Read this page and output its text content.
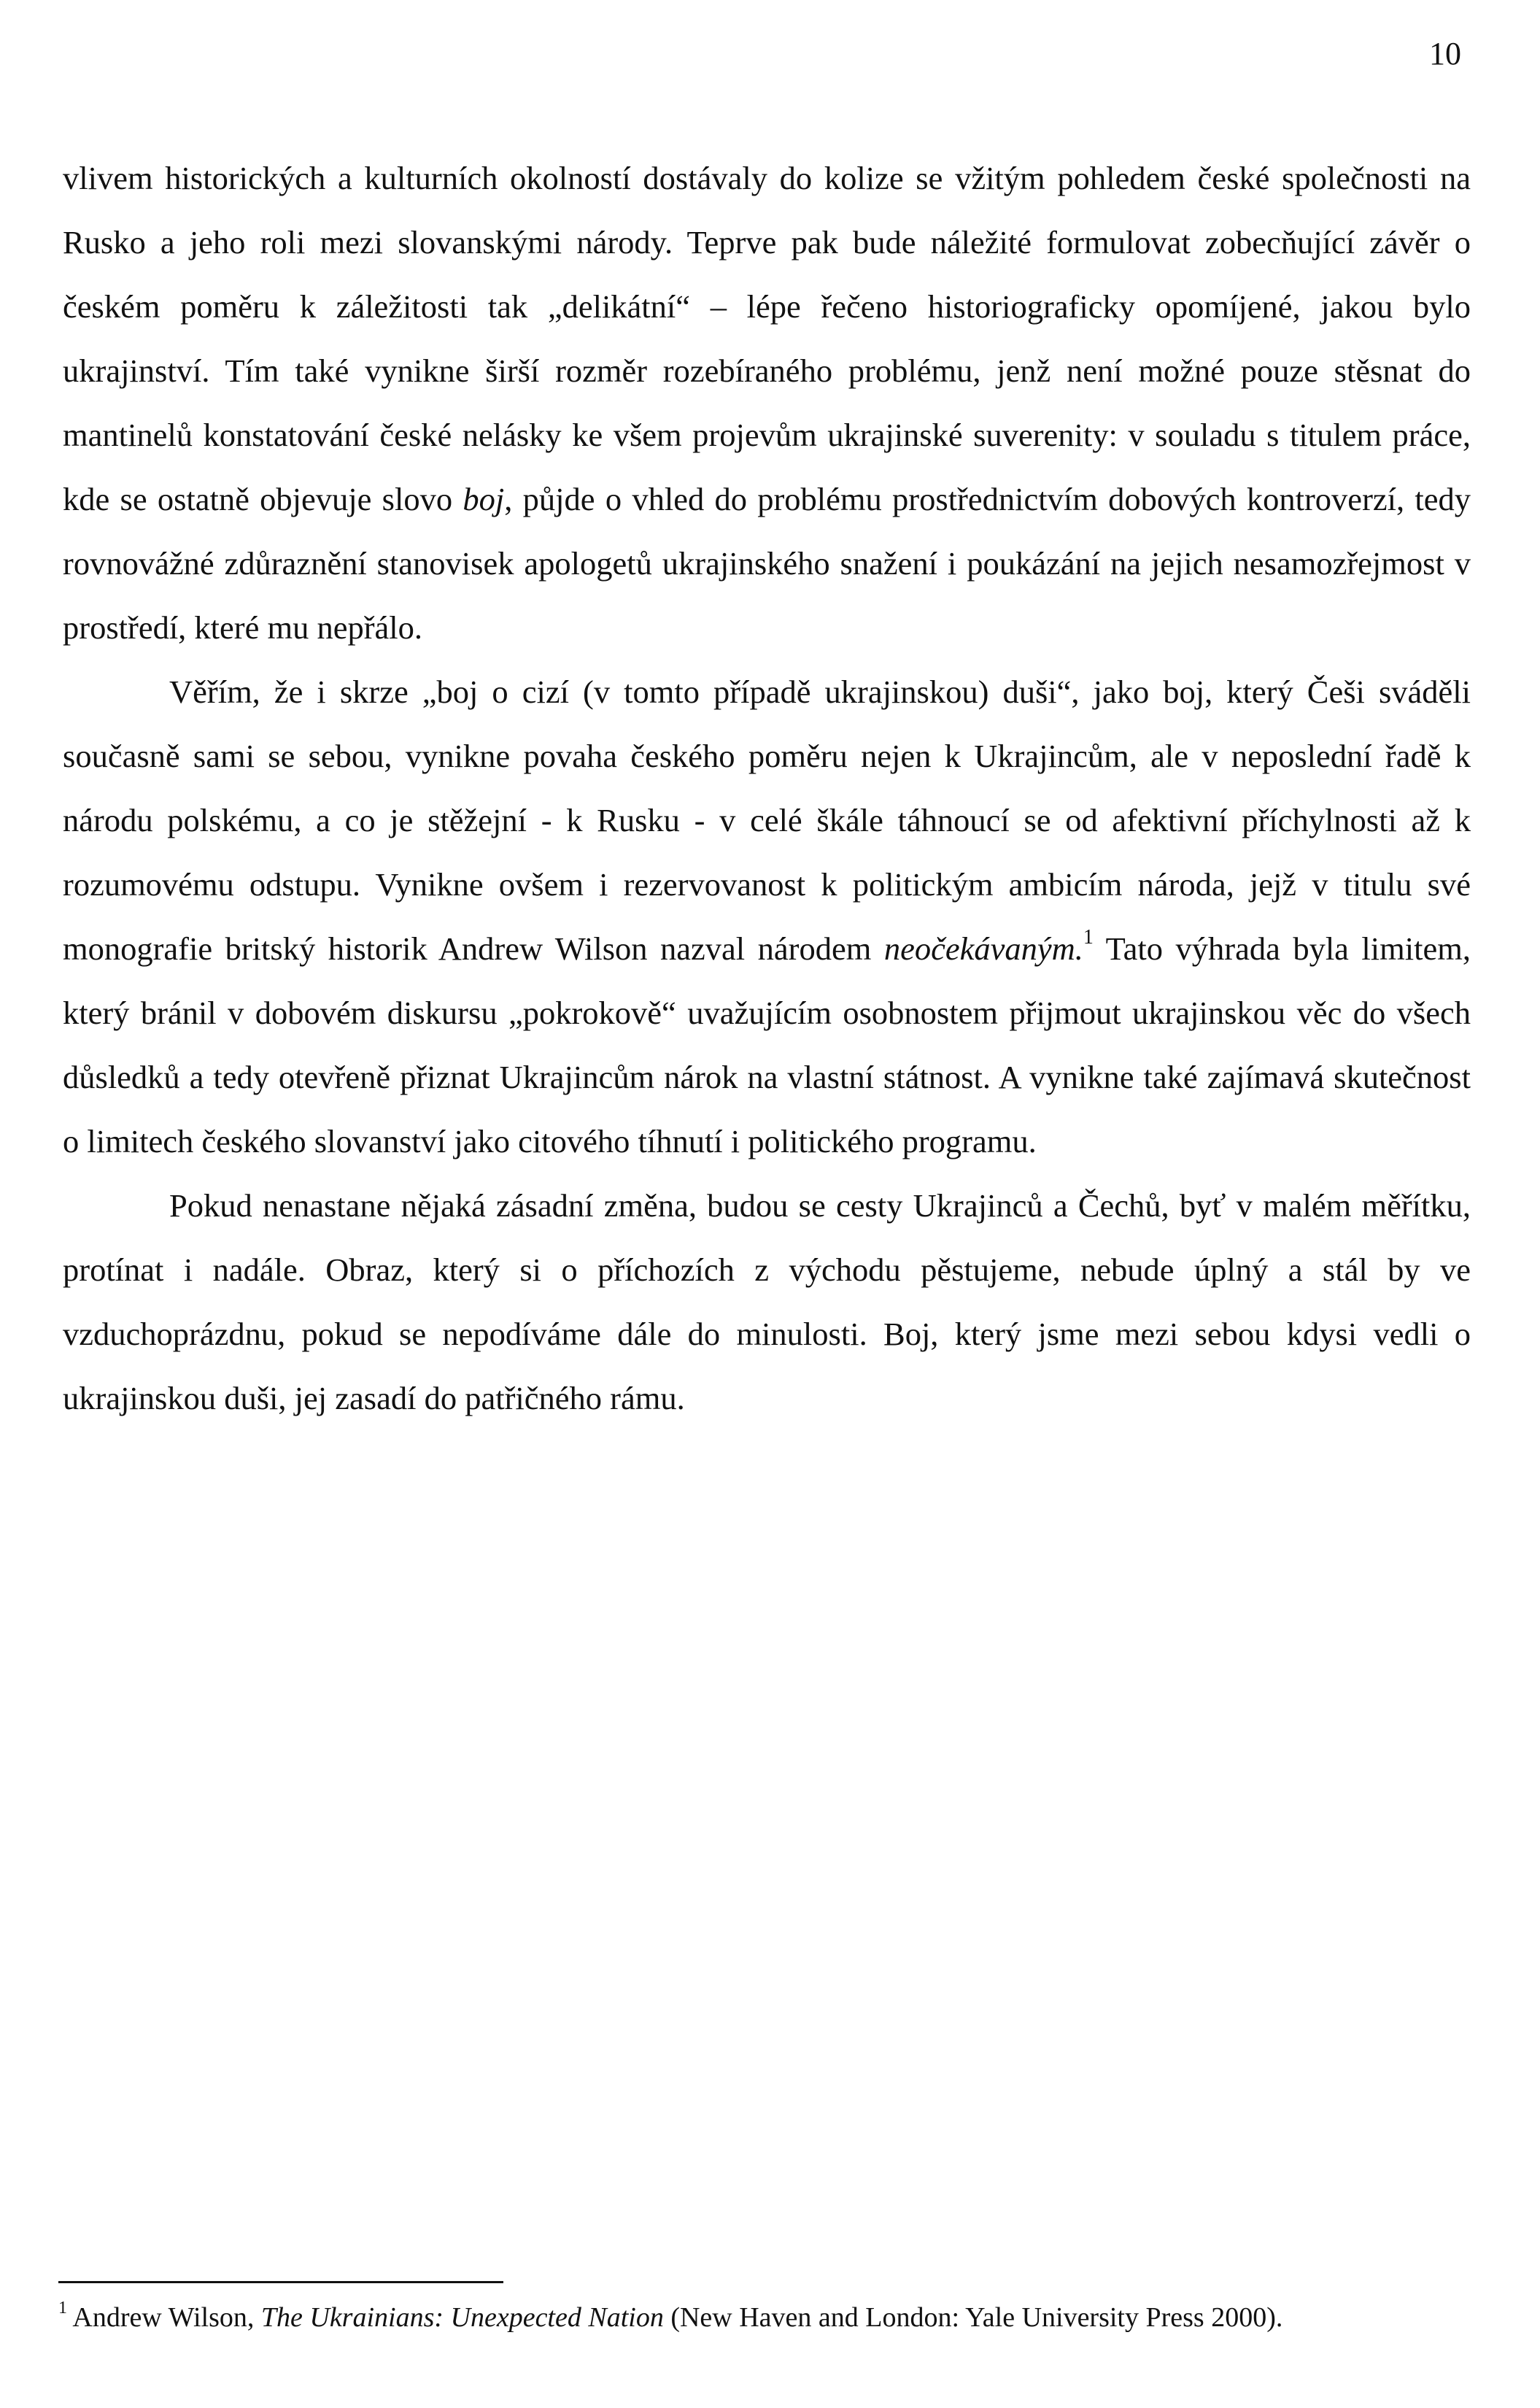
10

vlivem historických a kulturních okolností dostávaly do kolize se vžitým pohledem české společnosti na Rusko a jeho roli mezi slovanskými národy. Teprve pak bude náležité formulovat zobecňující závěr o českém poměru k záležitosti tak „delikátní“ – lépe řečeno historiograficky opomíjené, jakou bylo ukrajinství. Tím také vynikne širší rozměr rozebíraného problému, jenž není možné pouze stěsnat do mantinelů konstatování české nelásky ke všem projevům ukrajinské suverenity: v souladu s titulem práce, kde se ostatně objevuje slovo boj, půjde o vhled do problému prostřednictvím dobových kontroverzí, tedy rovnovážné zdůraznění stanovisek apologetů ukrajinského snažení i poukázání na jejich nesamozřejmost v prostředí, které mu nepřálo.

Věřím, že i skrze „boj o cizí (v tomto případě ukrajinskou) duši“, jako boj, který Češi sváděli současně sami se sebou, vynikne povaha českého poměru nejen k Ukrajincům, ale v neposlední řadě k národu polskému, a co je stěžejní - k Rusku - v celé škále táhnoucí se od afektivní příchylnosti až k rozumovému odstupu. Vynikne ovšem i rezervovanost k politickým ambicím národa, jejž v titulu své monografie britský historik Andrew Wilson nazval národem neočekávaným.$^1$ Tato výhrada byla limitem, který bránil v dobovém diskursu „pokrokově“ uvažujícím osobnostem přijmout ukrajinskou věc do všech důsledků a tedy otevřeně přiznat Ukrajincům nárok na vlastní státnost. A vynikne také zajímavá skutečnost o limitech českého slovanství jako citového tíhnutí i politického programu.

Pokud nenastane nějaká zásadní změna, budou se cesty Ukrajinců a Čechů, byť v malém měřítku, protínat i nadále. Obraz, který si o příchozích z východu pěstujeme, nebude úplný a stál by ve vzduchoprázdnu, pokud se nepodíváme dále do minulosti. Boj, který jsme mezi sebou kdysi vedli o ukrajinskou duši, jej zasadí do patřičného rámu.

$^1$ Andrew Wilson, The Ukrainians: Unexpected Nation (New Haven and London: Yale University Press 2000).
